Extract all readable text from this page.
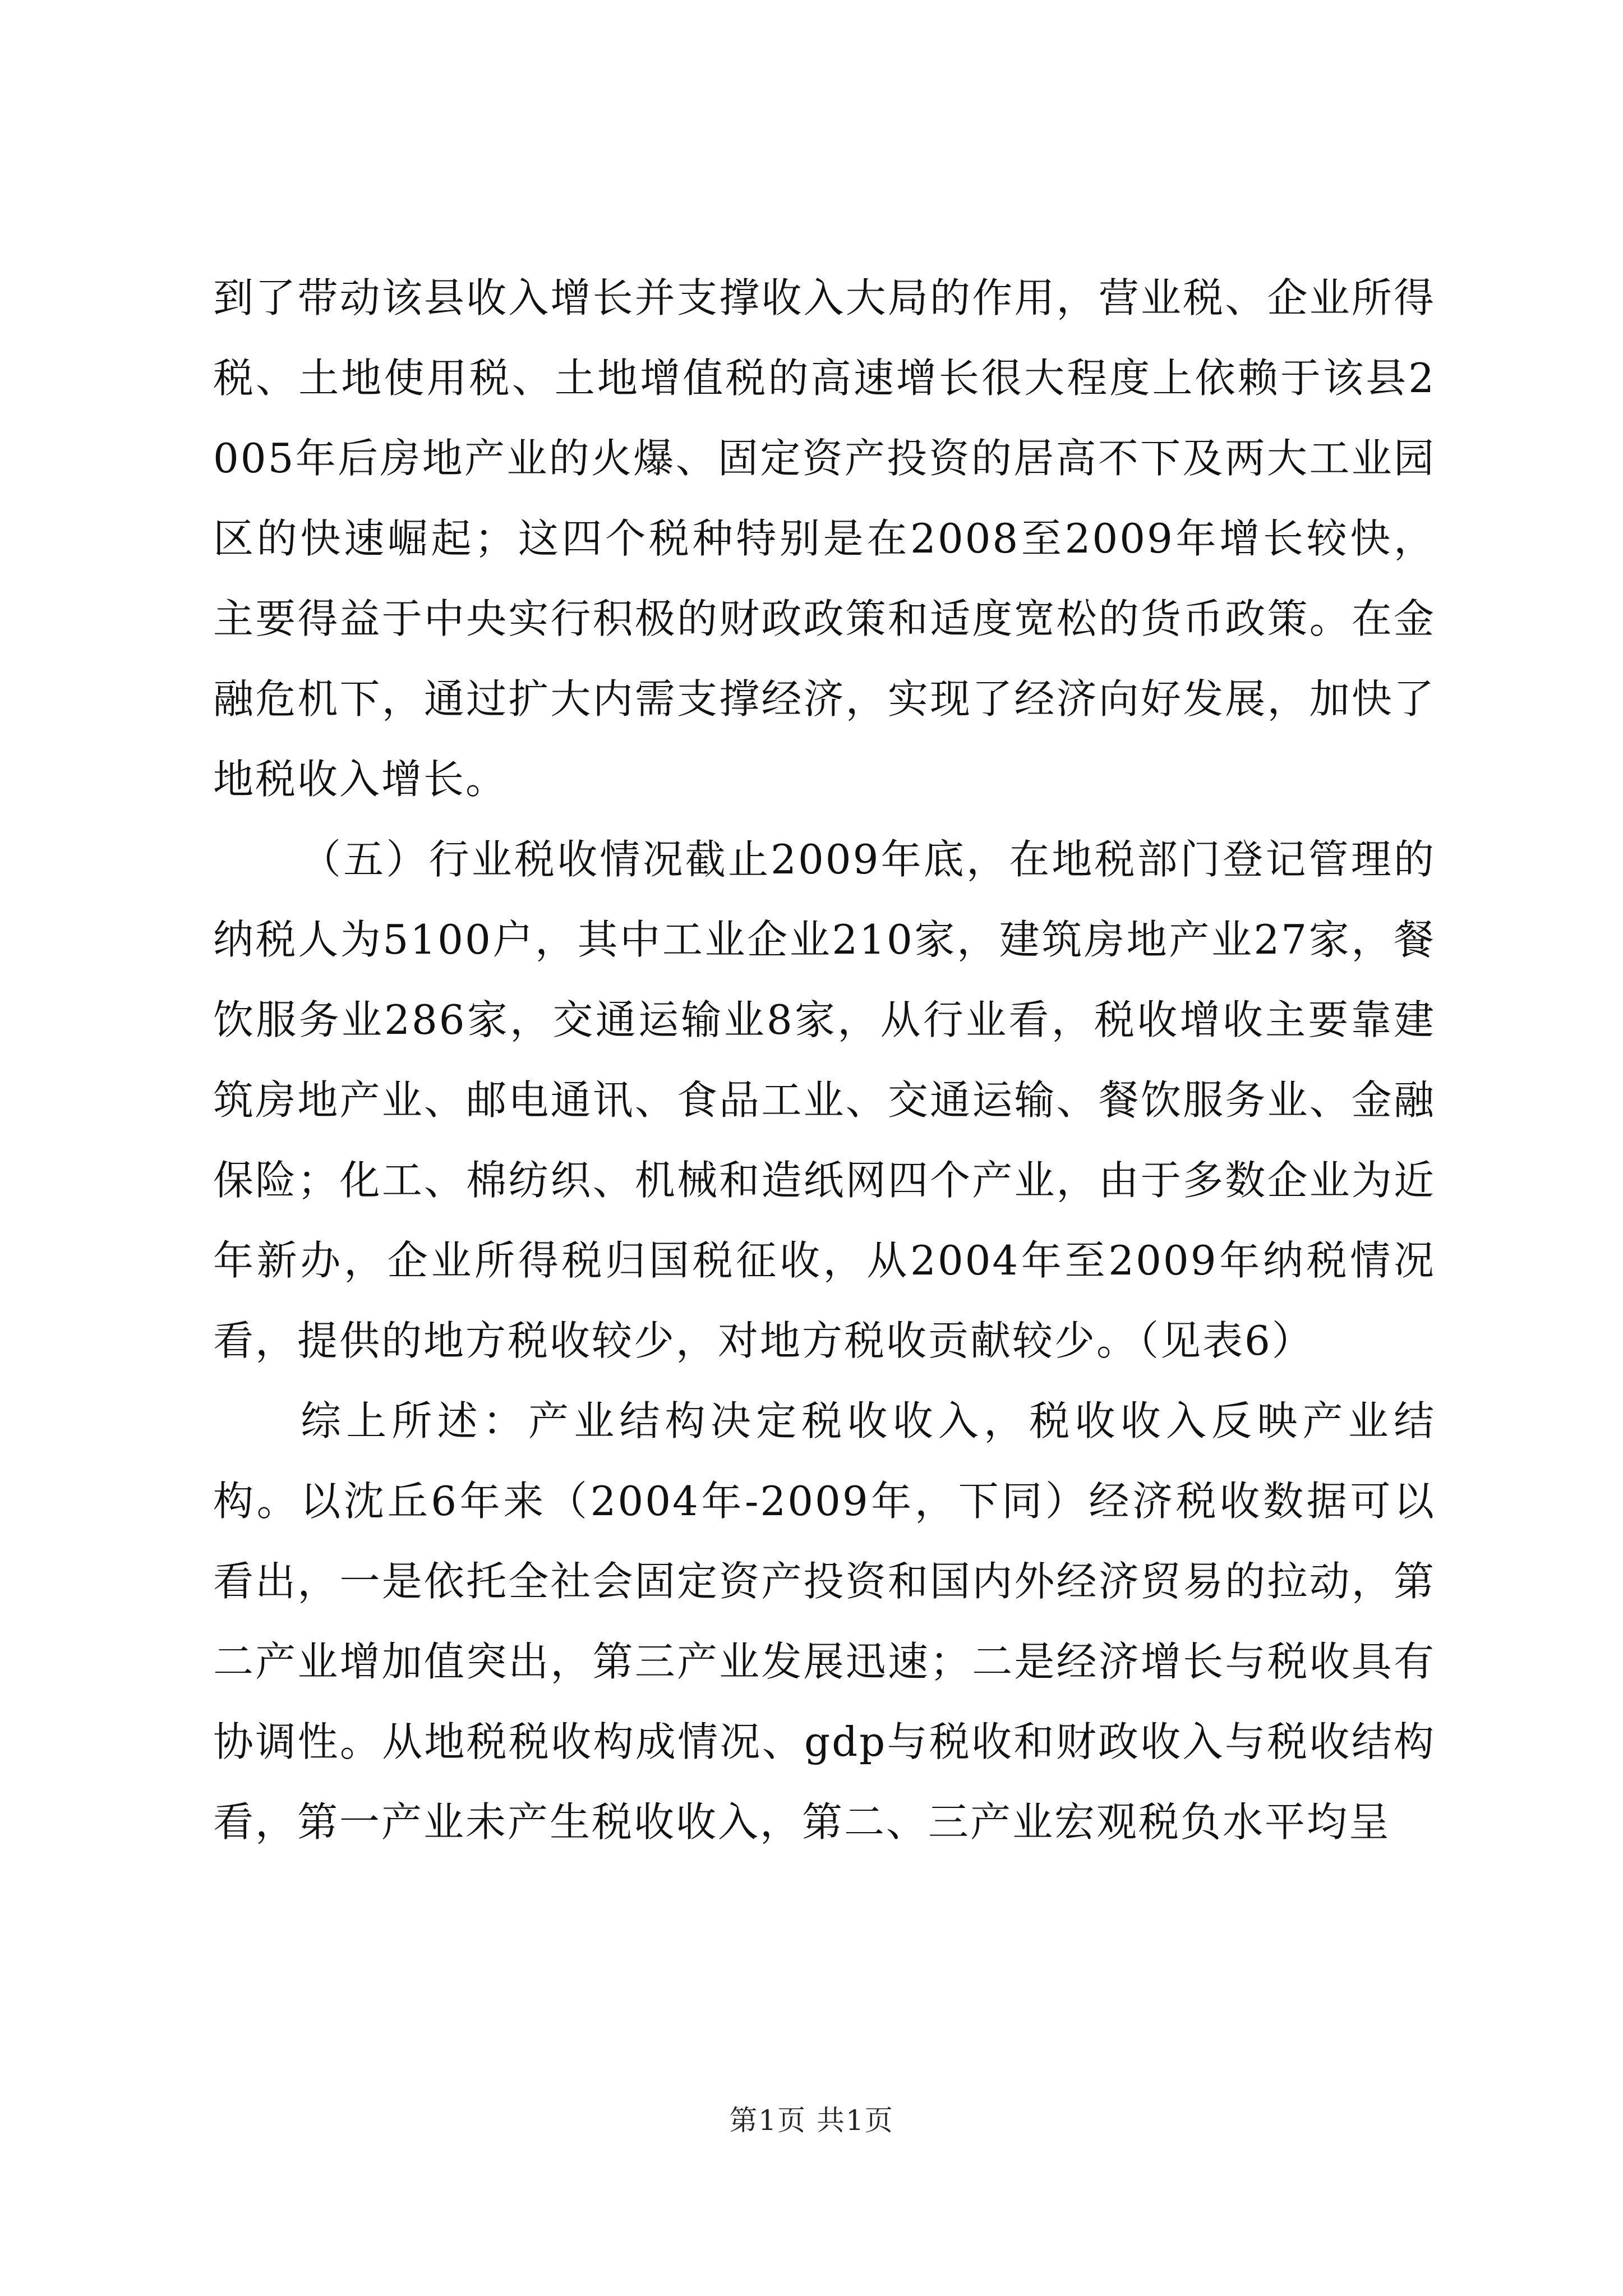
到了带动该县收入增长并支撑收入大局的作用，营业税、企业所得税、土地使用税、土地增值税的高速增长很大程度上依赖于该县2005年后房地产业的火爆、固定资产投资的居高不下及两大工业园区的快速崛起；这四个税种特别是在2008至2009年增长较快，主要得益于中央实行积极的财政政策和适度宽松的货币政策。在金融危机下，通过扩大内需支撑经济，实现了经济向好发展，加快了地税收入增长。

（五）行业税收情况截止2009年底，在地税部门登记管理的纳税人为5100户，其中工业企业210家，建筑房地产业27家，餐饮服务业286家，交通运输业8家，从行业看，税收增收主要靠建筑房地产业、邮电通讯、食品工业、交通运输、餐饮服务业、金融保险；化工、棉纺织、机械和造纸网四个产业，由于多数企业为近年新办，企业所得税归国税征收，从2004年至2009年纳税情况看，提供的地方税收较少，对地方税收贡献较少。（见表6）

综上所述：产业结构决定税收收入，税收收入反映产业结构。以沈丘6年来（2004年-2009年，下同）经济税收数据可以看出，一是依托全社会固定资产投资和国内外经济贸易的拉动，第二产业增加值突出，第三产业发展迅速；二是经济增长与税收具有协调性。从地税税收构成情况、gdp与税收和财政收入与税收结构看，第一产业未产生税收收入，第二、三产业宏观税负水平均呈

第1页 共1页
